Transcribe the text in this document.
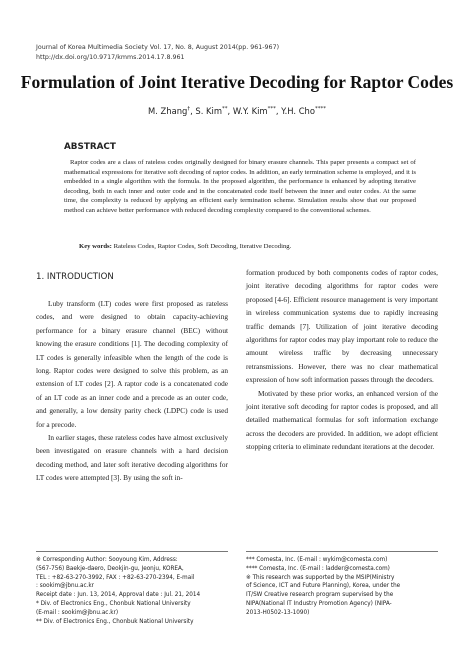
Journal of Korea Multimedia Society Vol. 17, No. 8, August 2014(pp. 961-967)
http://dx.doi.org/10.9717/kmms.2014.17.8.961
Formulation of Joint Iterative Decoding for Raptor Codes
M. Zhang†, S. Kim**, W.Y. Kim***, Y.H. Cho****
ABSTRACT

Raptor codes are a class of rateless codes originally designed for binary erasure channels. This paper presents a compact set of mathematical expressions for iterative soft decoding of raptor codes. In addition, an early termination scheme is employed, and it is embedded in a single algorithm with the formula. In the proposed algorithm, the performance is enhanced by adopting iterative decoding, both in each inner and outer code and in the concatenated code itself between the inner and outer codes. At the same time, the complexity is reduced by applying an efficient early termination scheme. Simulation results show that our proposed method can achieve better performance with reduced decoding complexity compared to the conventional schemes.

Key words: Rateless Codes, Raptor Codes, Soft Decoding, Iterative Decoding.
1. INTRODUCTION

Luby transform (LT) codes were first proposed as rateless codes, and were designed to obtain capacity-achieving performance for a binary erasure channel (BEC) without knowing the erasure conditions [1]. The decoding complexity of LT codes is generally infeasible when the length of the code is long. Raptor codes were designed to solve this problem, as an extension of LT codes [2]. A raptor code is a concatenated code of an LT code as an inner code and a precode as an outer code, and generally, a low density parity check (LDPC) code is used for a precode.

In earlier stages, these rateless codes have almost exclusively been investigated on erasure channels with a hard decision decoding method, and later soft iterative decoding algorithms for LT codes were attempted [3]. By using the soft in-

formation produced by both components codes of raptor codes, joint iterative decoding algorithms for raptor codes were proposed [4-6]. Efficient resource management is very important in wireless communication systems due to rapidly increasing traffic demands [7]. Utilization of joint iterative decoding algorithms for raptor codes may play important role to reduce the amount wireless traffic by decreasing unnecessary retransmissions. However, there was no clear mathematical expression of how soft information passes through the decoders.

Motivated by these prior works, an enhanced version of the joint iterative soft decoding for raptor codes is proposed, and all detailed mathematical formulas for soft information exchange across the decoders are provided. In addition, we adopt efficient stopping criteria to eliminate redundant iterations at the decoder.

※ Corresponding Author: Sooyoung Kim, Address:
(567-756) Baekje-daero, Deokjin-gu, Jeonju, KOREA,
TEL : +82-63-270-3992, FAX : +82-63-270-2394, E-mail
: sookim@jbnu.ac.kr
Receipt date : Jun. 13, 2014, Approval date : Jul. 21, 2014
* Div. of Electronics Eng., Chonbuk National University
(E-mail : sookim@jbnu.ac.kr)
** Div. of Electronics Eng., Chonbuk National University
*** Comesta, Inc. (E-mail : wykim@comesta.com)
**** Comesta, Inc. (E-mail : ladder@comesta.com)
※ This research was supported by the MSIP(Ministry
of Science, ICT and Future Planning), Korea, under the
IT/SW Creative research program supervised by the
NIPA(National IT Industry Promotion Agency) (NIPA-
2013-H0502-13-1090)
